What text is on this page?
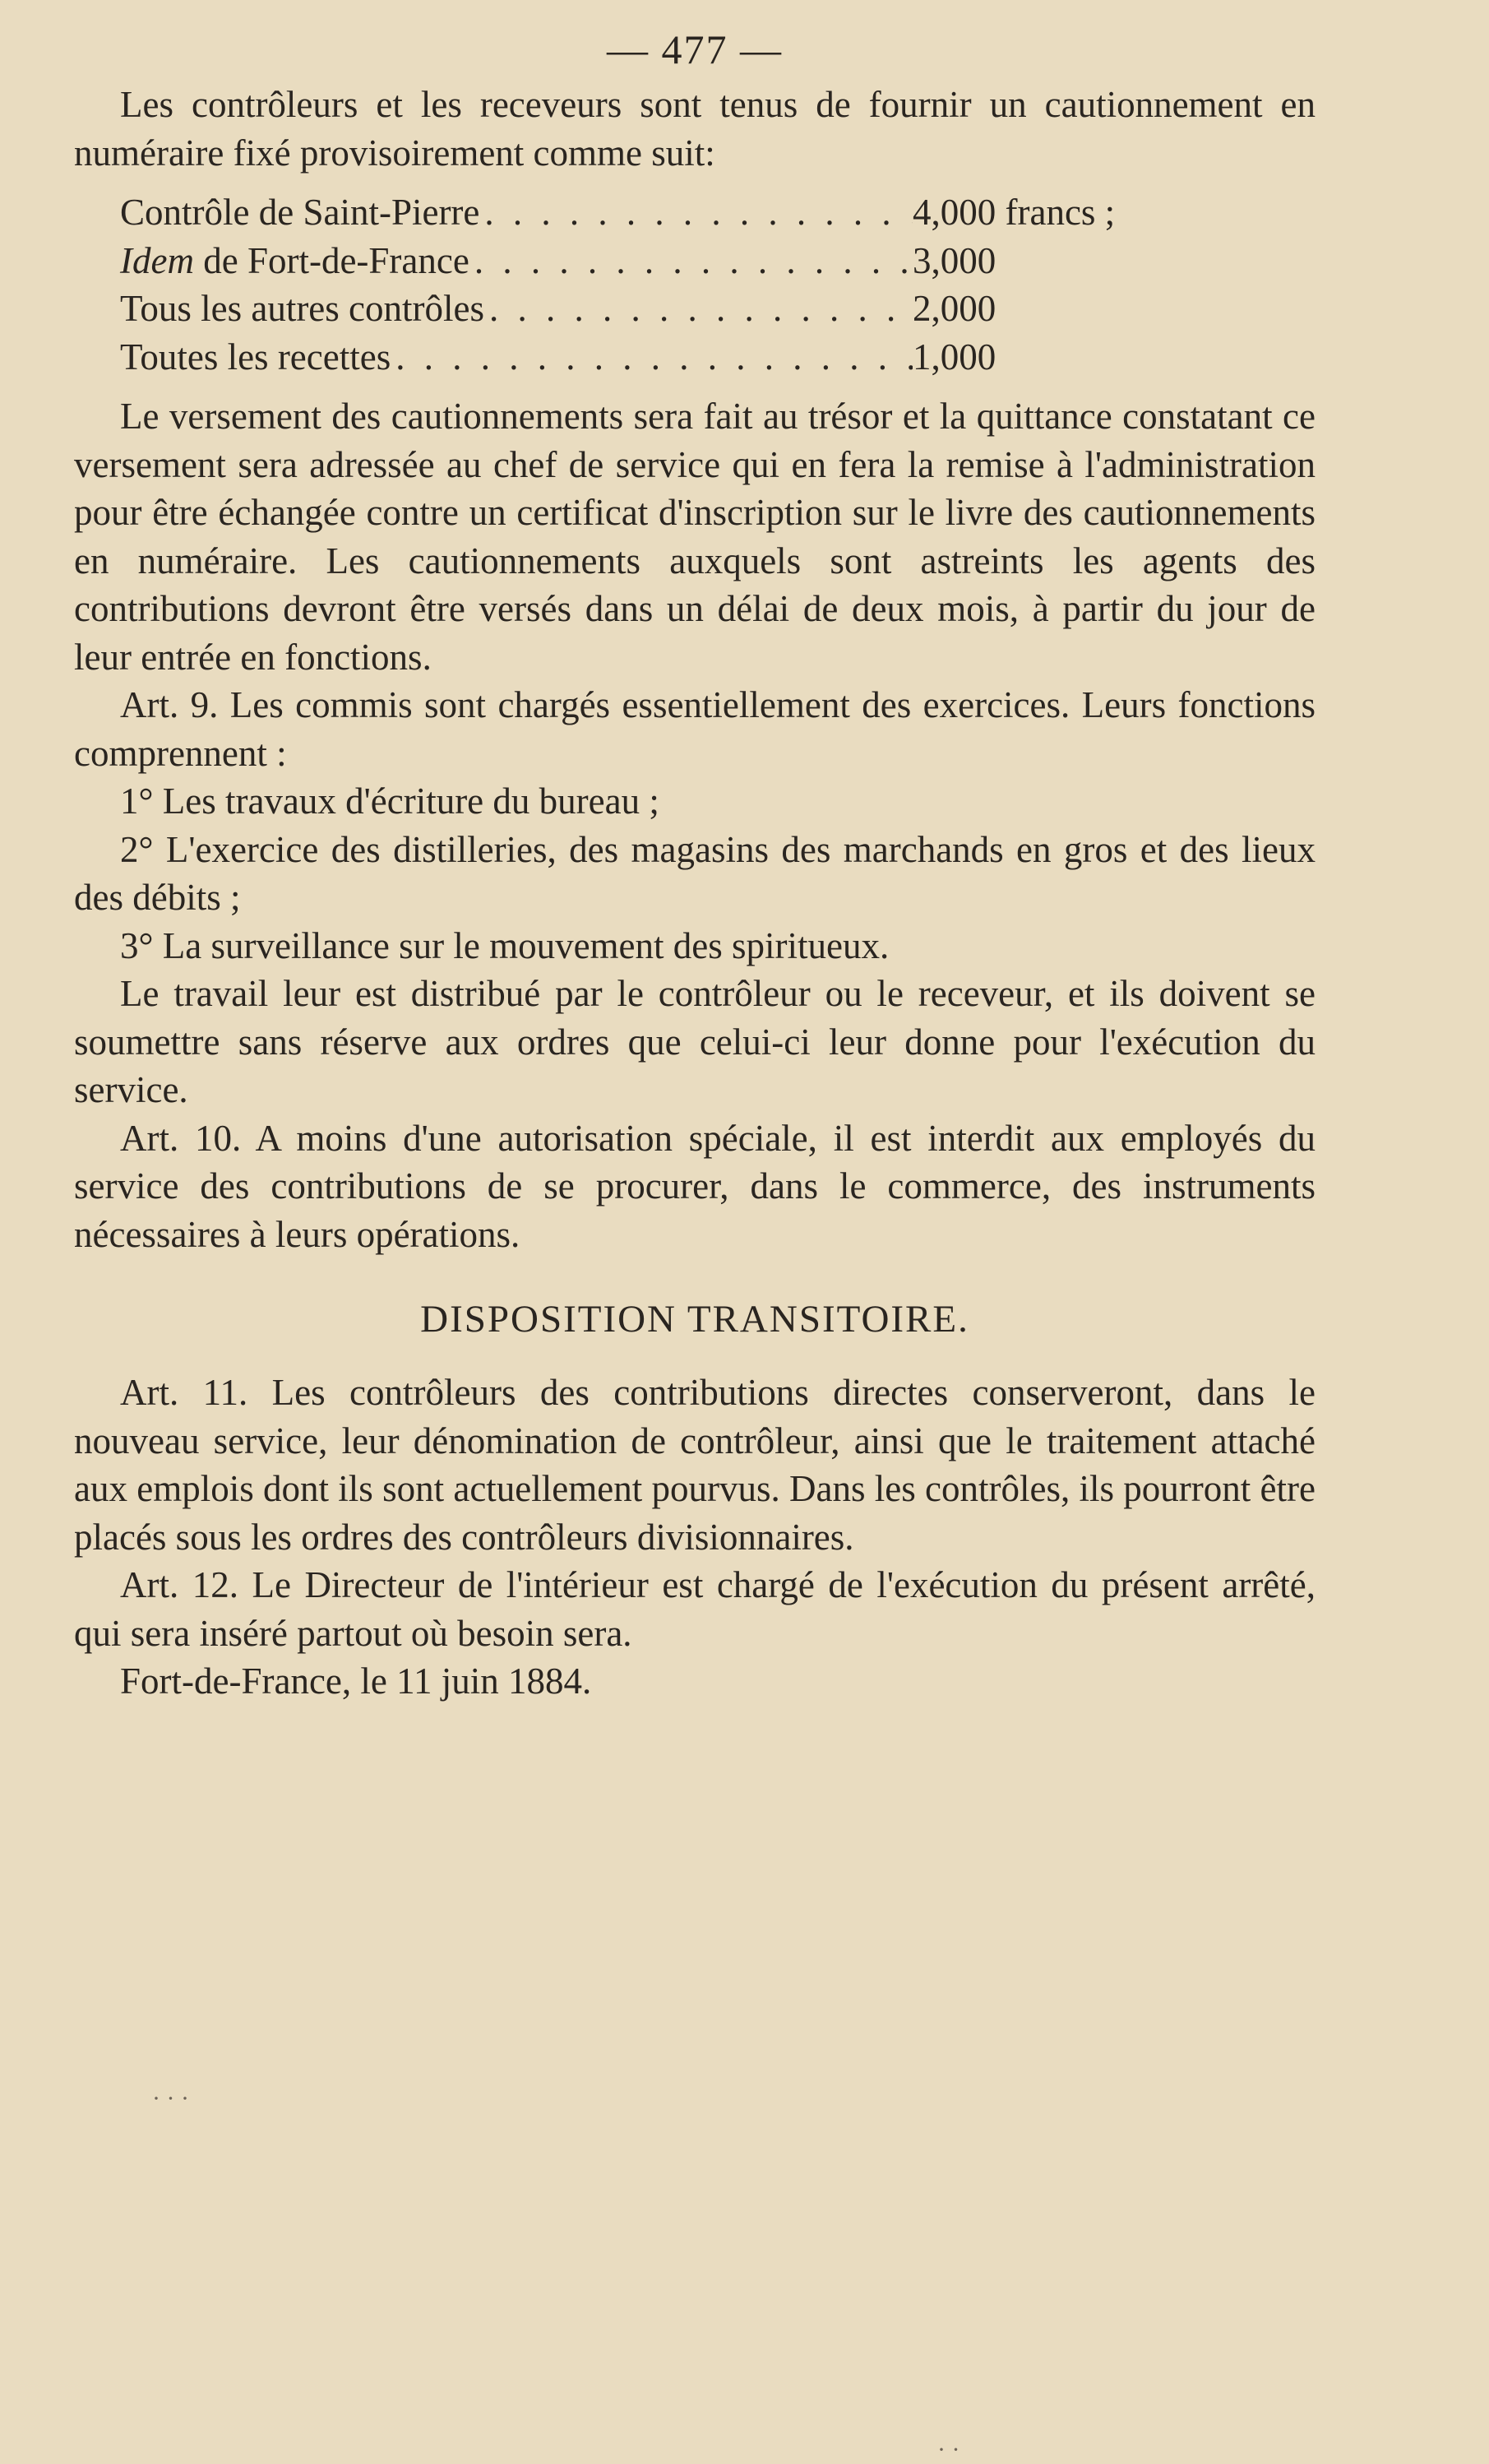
— 477 —

Les contrôleurs et les receveurs sont tenus de fournir un cautionnement en numéraire fixé provisoirement comme suit:

Contrôle de Saint-Pierre . . .	4,000 francs ;
Idem de Fort-de-France . . .	3,000
Tous les autres contrôles . . .	2,000
Toutes les recettes . . .	1,000

Le versement des cautionnements sera fait au trésor et la quittance constatant ce versement sera adressée au chef de service qui en fera la remise à l'administration pour être échangée contre un certificat d'inscription sur le livre des cautionnements en numéraire. Les cautionnements auxquels sont astreints les agents des contributions devront être versés dans un délai de deux mois, à partir du jour de leur entrée en fonctions.

Art. 9. Les commis sont chargés essentiellement des exercices. Leurs fonctions comprennent :

1° Les travaux d'écriture du bureau ;

2° L'exercice des distilleries, des magasins des marchands en gros et des lieux des débits ;

3° La surveillance sur le mouvement des spiritueux.

Le travail leur est distribué par le contrôleur ou le receveur, et ils doivent se soumettre sans réserve aux ordres que celui-ci leur donne pour l'exécution du service.

Art. 10. A moins d'une autorisation spéciale, il est interdit aux employés du service des contributions de se procurer, dans le commerce, des instruments nécessaires à leurs opérations.

DISPOSITION TRANSITOIRE.

Art. 11. Les contrôleurs des contributions directes conserveront, dans le nouveau service, leur dénomination de contrôleur, ainsi que le traitement attaché aux emplois dont ils sont actuellement pourvus. Dans les contrôles, ils pourront être placés sous les ordres des contrôleurs divisionnaires.

Art. 12. Le Directeur de l'intérieur est chargé de l'exécution du présent arrêté, qui sera inséré partout où besoin sera.

Fort-de-France, le 11 juin 1884.

· · ·
· ·
